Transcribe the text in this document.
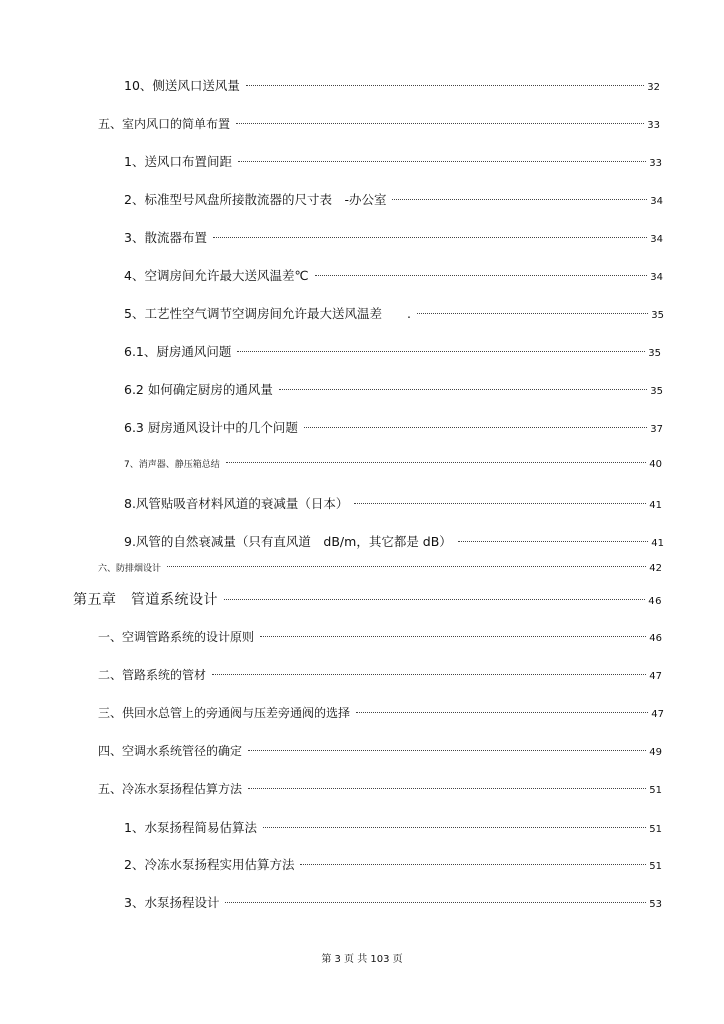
10、侧送风口送风量	32
五、室内风口的简单布置	33
1、送风口布置间距	33
2、标准型号风盘所接散流器的尺寸表　-办公室	34
3、散流器布置	34
4、空调房间允许最大送风温差℃	34
5、工艺性空气调节空调房间允许最大送风温差　　.	35
6.1、厨房通风问题	35
6.2 如何确定厨房的通风量	35
6.3 厨房通风设计中的几个问题	37
7、消声器、静压箱总结	40
8.风管贴吸音材料风道的衰减量（日本）	41
9.风管的自然衰减量（只有直风道　dB/m，其它都是 dB）	41
六、防排烟设计	42
第五章　管道系统设计	46
一、空调管路系统的设计原则	46
二、管路系统的管材	47
三、供回水总管上的旁通阀与压差旁通阀的选择	47
四、空调水系统管径的确定	49
五、冷冻水泵扬程估算方法	51
1、水泵扬程简易估算法	51
2、冷冻水泵扬程实用估算方法	51
3、水泵扬程设计	53
第 3 页 共 103 页
